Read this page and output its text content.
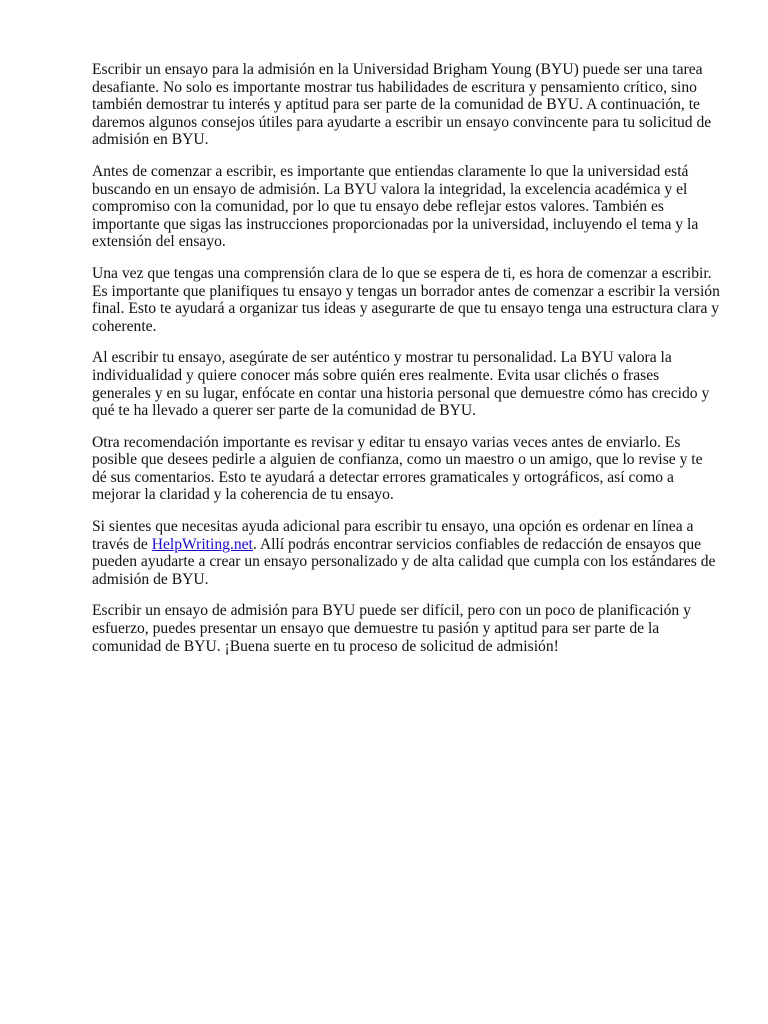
Escribir un ensayo para la admisión en la Universidad Brigham Young (BYU) puede ser una tarea desafiante. No solo es importante mostrar tus habilidades de escritura y pensamiento crítico, sino también demostrar tu interés y aptitud para ser parte de la comunidad de BYU. A continuación, te daremos algunos consejos útiles para ayudarte a escribir un ensayo convincente para tu solicitud de admisión en BYU.

Antes de comenzar a escribir, es importante que entiendas claramente lo que la universidad está buscando en un ensayo de admisión. La BYU valora la integridad, la excelencia académica y el compromiso con la comunidad, por lo que tu ensayo debe reflejar estos valores. También es importante que sigas las instrucciones proporcionadas por la universidad, incluyendo el tema y la extensión del ensayo.

Una vez que tengas una comprensión clara de lo que se espera de ti, es hora de comenzar a escribir. Es importante que planifiques tu ensayo y tengas un borrador antes de comenzar a escribir la versión final. Esto te ayudará a organizar tus ideas y asegurarte de que tu ensayo tenga una estructura clara y coherente.

Al escribir tu ensayo, asegúrate de ser auténtico y mostrar tu personalidad. La BYU valora la individualidad y quiere conocer más sobre quién eres realmente. Evita usar clichés o frases generales y en su lugar, enfócate en contar una historia personal que demuestre cómo has crecido y qué te ha llevado a querer ser parte de la comunidad de BYU.

Otra recomendación importante es revisar y editar tu ensayo varias veces antes de enviarlo. Es posible que desees pedirle a alguien de confianza, como un maestro o un amigo, que lo revise y te dé sus comentarios. Esto te ayudará a detectar errores gramaticales y ortográficos, así como a mejorar la claridad y la coherencia de tu ensayo.

Si sientes que necesitas ayuda adicional para escribir tu ensayo, una opción es ordenar en línea a través de HelpWriting.net. Allí podrás encontrar servicios confiables de redacción de ensayos que pueden ayudarte a crear un ensayo personalizado y de alta calidad que cumpla con los estándares de admisión de BYU.

Escribir un ensayo de admisión para BYU puede ser difícil, pero con un poco de planificación y esfuerzo, puedes presentar un ensayo que demuestre tu pasión y aptitud para ser parte de la comunidad de BYU. ¡Buena suerte en tu proceso de solicitud de admisión!
